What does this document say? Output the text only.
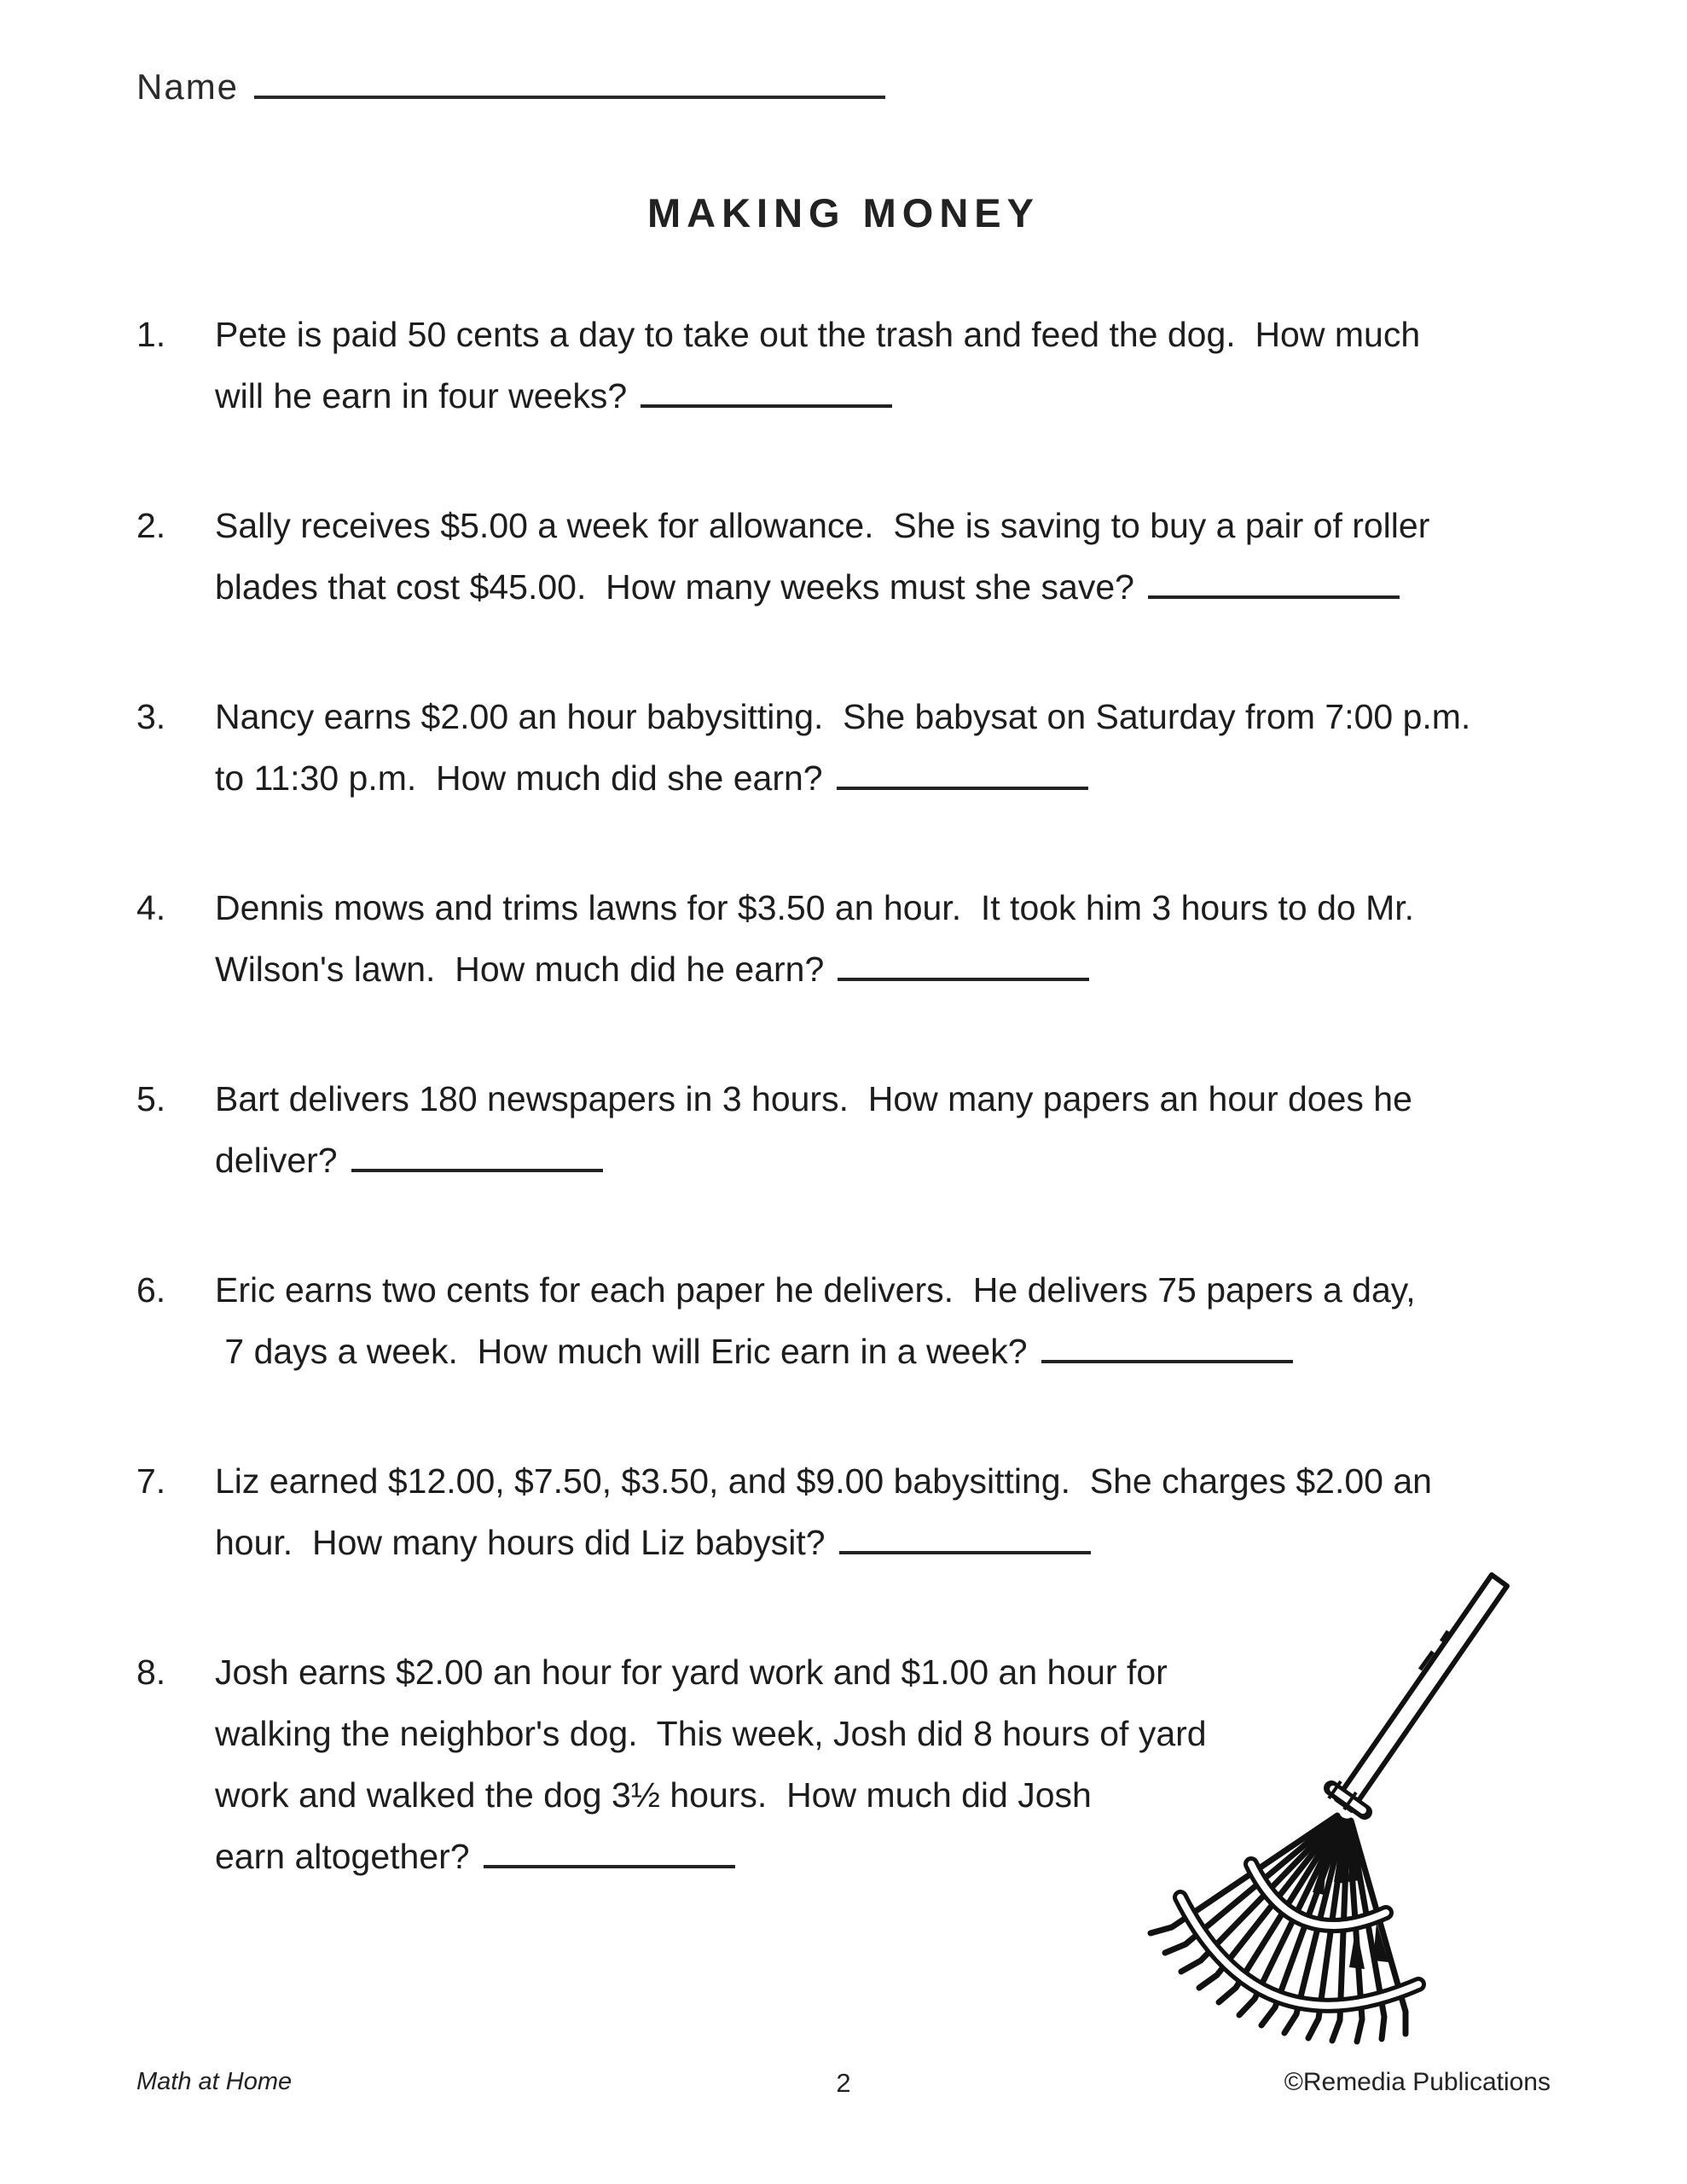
Name
MAKING MONEY
1. Pete is paid 50 cents a day to take out the trash and feed the dog.  How much
will he earn in four weeks?
2. Sally receives $5.00 a week for allowance.  She is saving to buy a pair of roller
blades that cost $45.00.  How many weeks must she save?
3. Nancy earns $2.00 an hour babysitting.  She babysat on Saturday from 7:00 p.m.
to 11:30 p.m.  How much did she earn?
4. Dennis mows and trims lawns for $3.50 an hour.  It took him 3 hours to do Mr.
Wilson's lawn.  How much did he earn?
5. Bart delivers 180 newspapers in 3 hours.  How many papers an hour does he
deliver?
6. Eric earns two cents for each paper he delivers.  He delivers 75 papers a day,
7 days a week.  How much will Eric earn in a week?
7. Liz earned $12.00, $7.50, $3.50, and $9.00 babysitting.  She charges $2.00 an
hour.  How many hours did Liz babysit?
8. Josh earns $2.00 an hour for yard work and $1.00 an hour for
walking the neighbor's dog.  This week, Josh did 8 hours of yard
work and walked the dog 3½ hours.  How much did Josh
earn altogether?
Math at Home	2	©Remedia Publications
